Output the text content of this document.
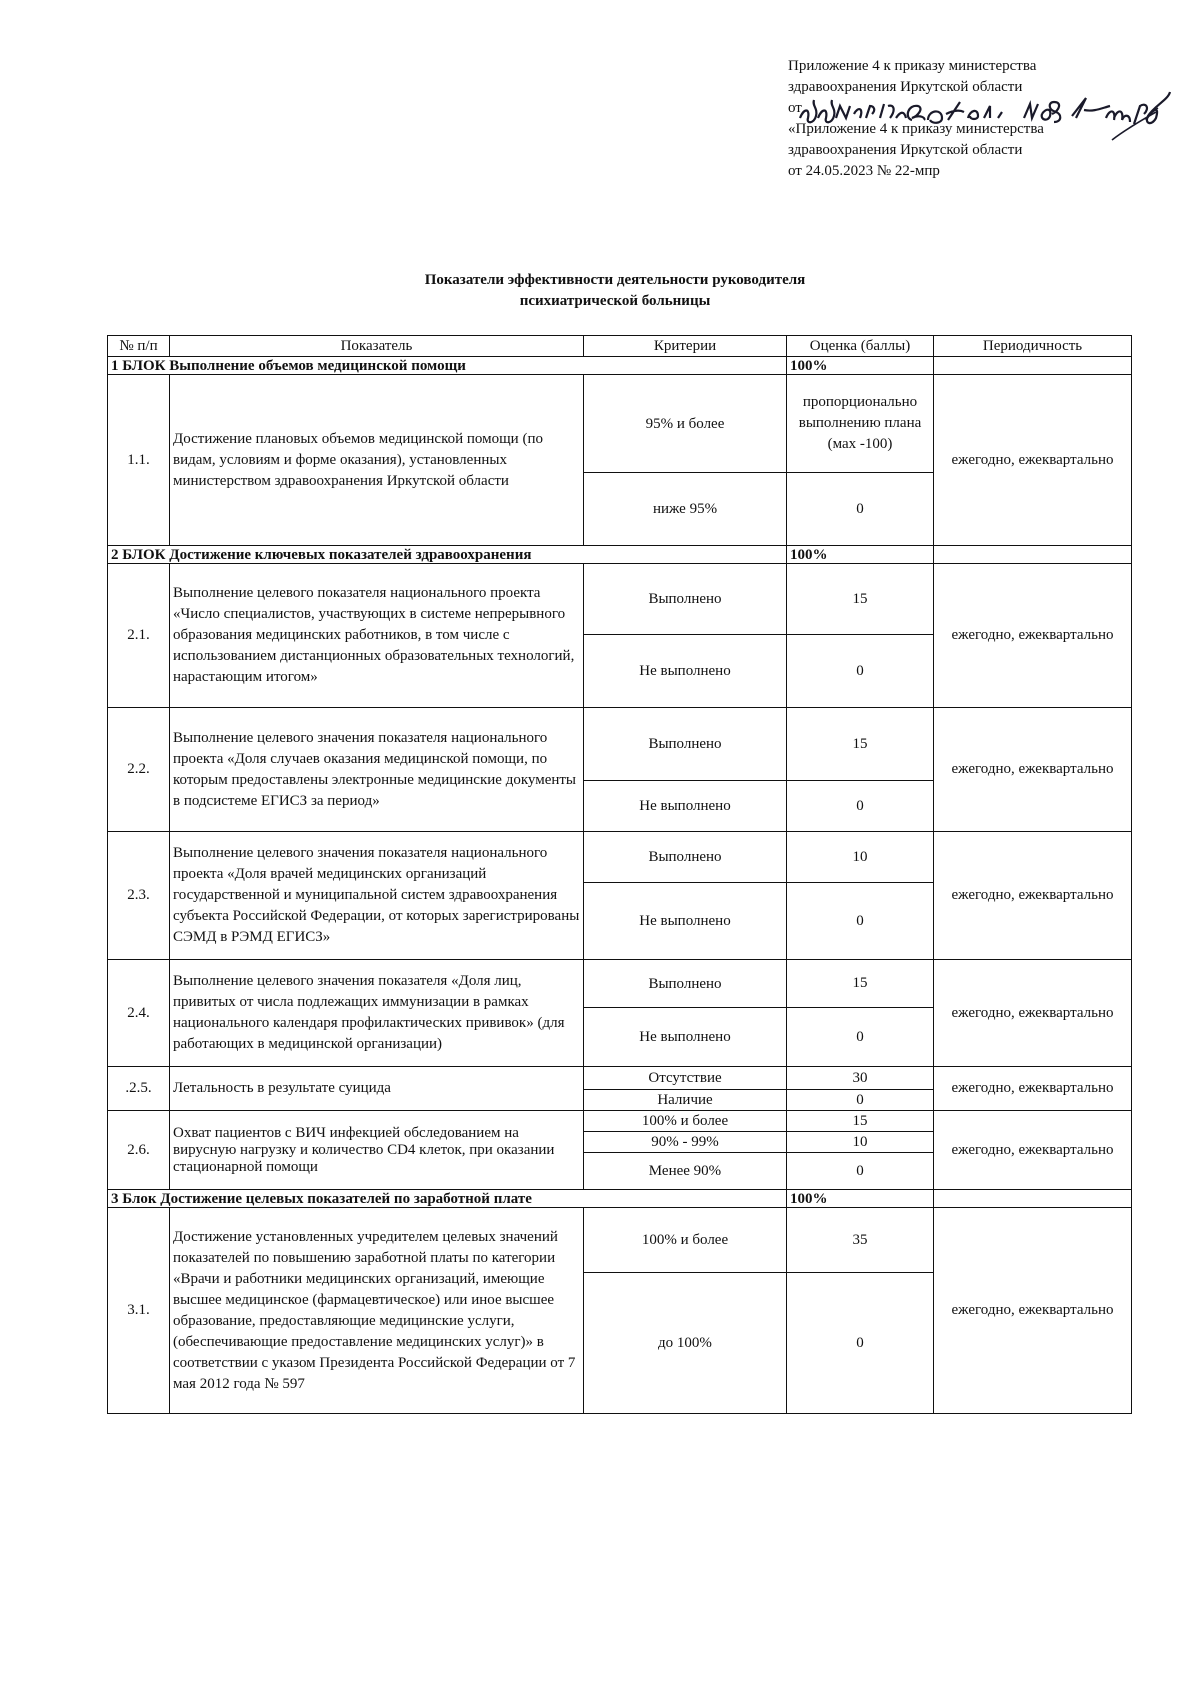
Приложение 4 к приказу министерства
здравоохранения Иркутской области
от
«Приложение 4 к приказу министерства
здравоохранения Иркутской области
от 24.05.2023 № 22-мпр
Показатели эффективности деятельности руководителя
психиатрической больницы
№ п/п	Показатель	Критерии	Оценка (баллы)	Периодичность
1 БЛОК Выполнение объемов медицинской помощи			100%	
1.1.	Достижение плановых объемов медицинской помощи (по видам, условиям и форме оказания), установленных министерством здравоохранения Иркутской области	95% и более	пропорционально выполнению плана (мах -100)	ежегодно, ежеквартально
		ниже 95%	0	
2 БЛОК Достижение ключевых показателей здравоохранения			100%	
2.1.	Выполнение целевого показателя национального проекта «Число специалистов, участвующих в системе непрерывного образования медицинских работников, в том числе с использованием дистанционных образовательных технологий, нарастающим итогом»	Выполнено	15	ежегодно, ежеквартально
		Не выполнено	0	
2.2.	Выполнение целевого значения показателя национального проекта «Доля случаев оказания медицинской помощи, по которым предоставлены электронные медицинские документы в подсистеме ЕГИСЗ за период»	Выполнено	15	ежегодно, ежеквартально
		Не выполнено	0	
2.3.	Выполнение целевого значения показателя национального проекта «Доля врачей медицинских организаций государственной и муниципальной систем здравоохранения субъекта Российской Федерации, от которых зарегистрированы СЭМД в РЭМД ЕГИСЗ»	Выполнено	10	ежегодно, ежеквартально
		Не выполнено	0	
2.4.	Выполнение целевого значения показателя «Доля лиц, привитых от числа подлежащих иммунизации в рамках национального календаря профилактических прививок» (для работающих в медицинской организации)	Выполнено	15	ежегодно, ежеквартально
		Не выполнено	0	
.2.5.	Летальность в результате суицида	Отсутствие	30	ежегодно, ежеквартально
		Наличие	0	
2.6.	Охват пациентов с ВИЧ инфекцией обследованием на вирусную нагрузку и количество CD4 клеток, при оказании стационарной помощи	100% и более	15	ежегодно, ежеквартально
		90% - 99%	10	
		Менее 90%	0	
3 Блок Достижение целевых показателей по заработной плате			100%	
3.1.	Достижение установленных учредителем целевых значений показателей по повышению заработной платы по категории «Врачи и работники медицинских организаций, имеющие высшее медицинское (фармацевтическое) или иное высшее образование, предоставляющие медицинские услуги, (обеспечивающие предоставление медицинских услуг)» в соответствии с указом Президента Российской Федерации от 7 мая 2012 года № 597	100% и более	35	ежегодно, ежеквартально
		до 100%	0	
